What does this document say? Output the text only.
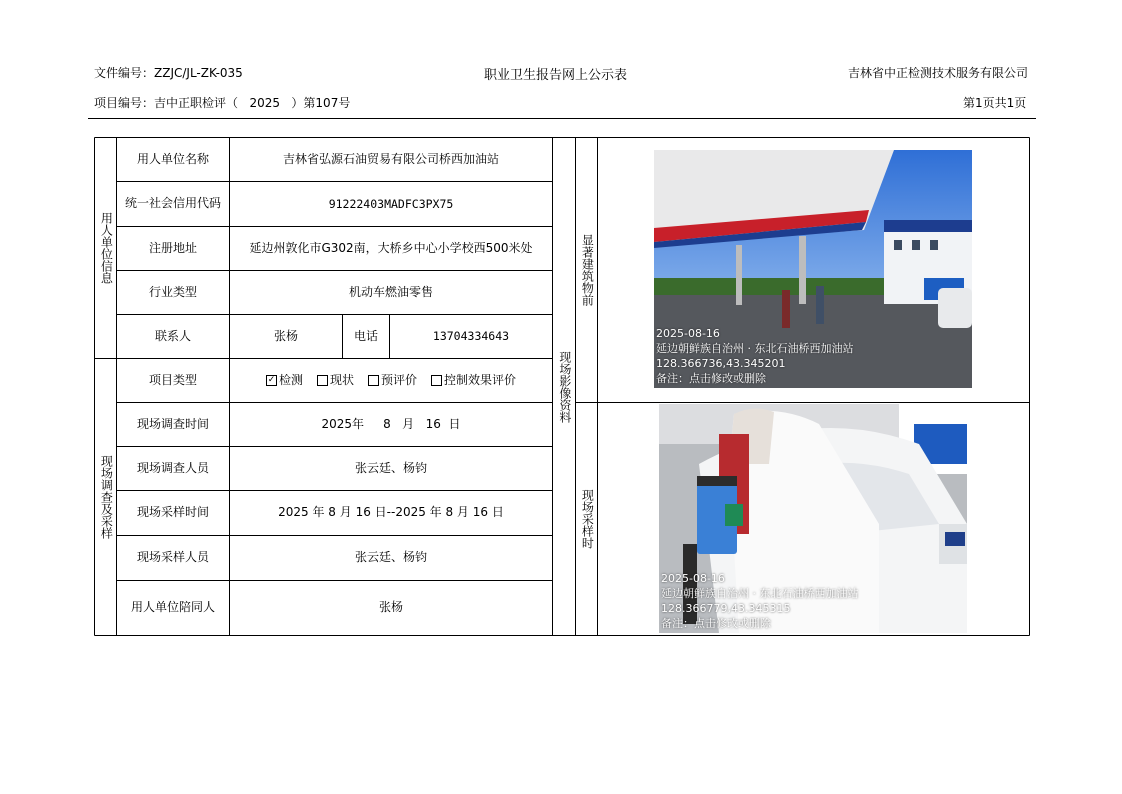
文件编号：ZZJC/JL-ZK-035	职业卫生报告网上公示表	吉林省中正检测技术服务有限公司
项目编号：吉中正职检评（   2025   ）第107号	第1页共1页
用人单位信息
现场调查及采样
用人单位名称	吉林省弘源石油贸易有限公司桥西加油站
统一社会信用代码	91222403MADFC3PX75
注册地址	延边州敦化市G302南，大桥乡中心小学校西500米处
行业类型	机动车燃油零售
联系人	张杨	电话	13704334643
项目类型	✓ 检测 现状 预评价 控制效果评价
现场调查时间	2025年     8   月   16  日
现场调查人员	张云廷、杨钧
现场采样时间	2025 年 8 月 16 日--2025 年 8 月 16 日
现场采样人员	张云廷、杨钧
用人单位陪同人	张杨
现场影像资料
显著建筑物前
现场采样时
2025-08-16
延边朝鲜族自治州 · 东北石油桥西加油站
128.366736,43.345201
备注：点击修改或删除
2025-08-16
延边朝鲜族自治州 · 东北石油桥西加油站
128.366779,43.345315
备注：点击修改或删除
